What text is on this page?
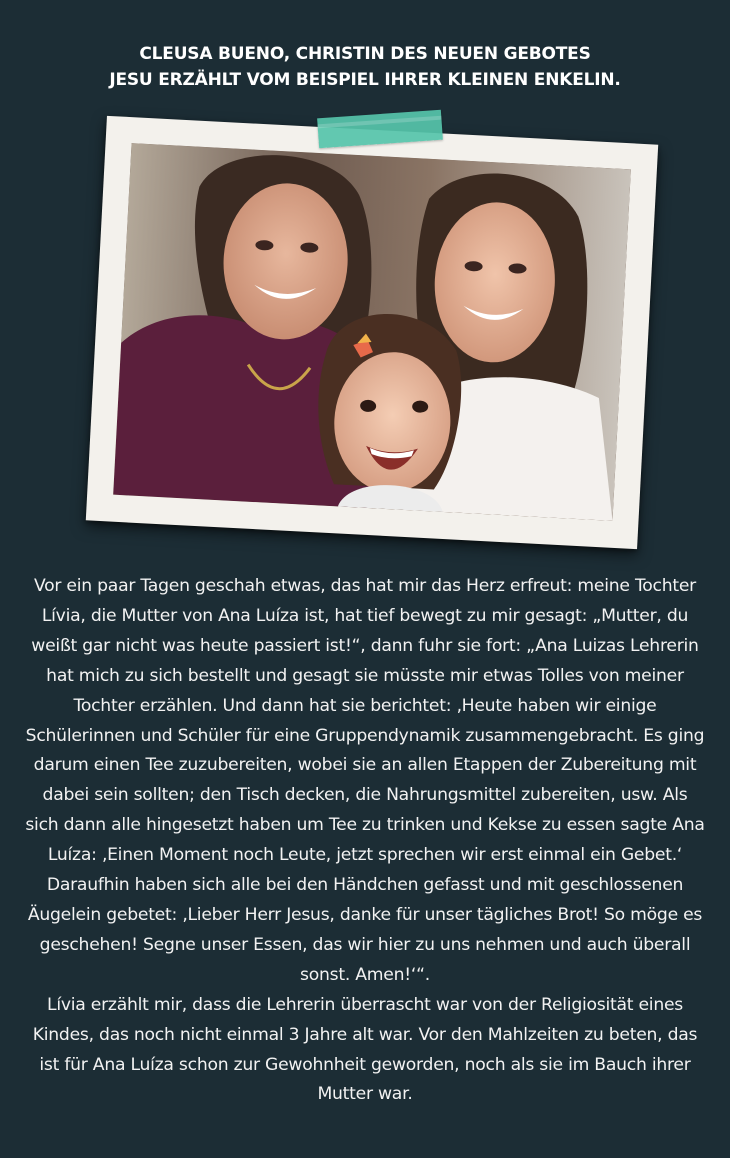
CLEUSA BUENO, CHRISTIN DES NEUEN GEBOTES
JESU ERZÄHLT VOM BEISPIEL IHRER KLEINEN ENKELIN.

Vor ein paar Tagen geschah etwas, das hat mir das Herz erfreut: meine Tochter Lívia, die Mutter von Ana Luíza ist, hat tief bewegt zu mir gesagt: „Mutter, du weißt gar nicht was heute passiert ist!“, dann fuhr sie fort: „Ana Luizas Lehrerin hat mich zu sich bestellt und gesagt sie müsste mir etwas Tolles von meiner Tochter erzählen. Und dann hat sie berichtet: ‚Heute haben wir einige Schülerinnen und Schüler für eine Gruppendynamik zusammengebracht. Es ging darum einen Tee zuzubereiten, wobei sie an allen Etappen der Zubereitung mit dabei sein sollten; den Tisch decken, die Nahrungsmittel zubereiten, usw. Als sich dann alle hingesetzt haben um Tee zu trinken und Kekse zu essen sagte Ana Luíza: ‚Einen Moment noch Leute, jetzt sprechen wir erst einmal ein Gebet.‘ Daraufhin haben sich alle bei den Händchen gefasst und mit geschlossenen Äugelein gebetet: ‚Lieber Herr Jesus, danke für unser tägliches Brot! So möge es geschehen! Segne unser Essen, das wir hier zu uns nehmen und auch überall sonst. Amen!‘“.

Lívia erzählt mir, dass die Lehrerin überrascht war von der Religiosität eines Kindes, das noch nicht einmal 3 Jahre alt war. Vor den Mahlzeiten zu beten, das ist für Ana Luíza schon zur Gewohnheit geworden, noch als sie im Bauch ihrer Mutter war.
